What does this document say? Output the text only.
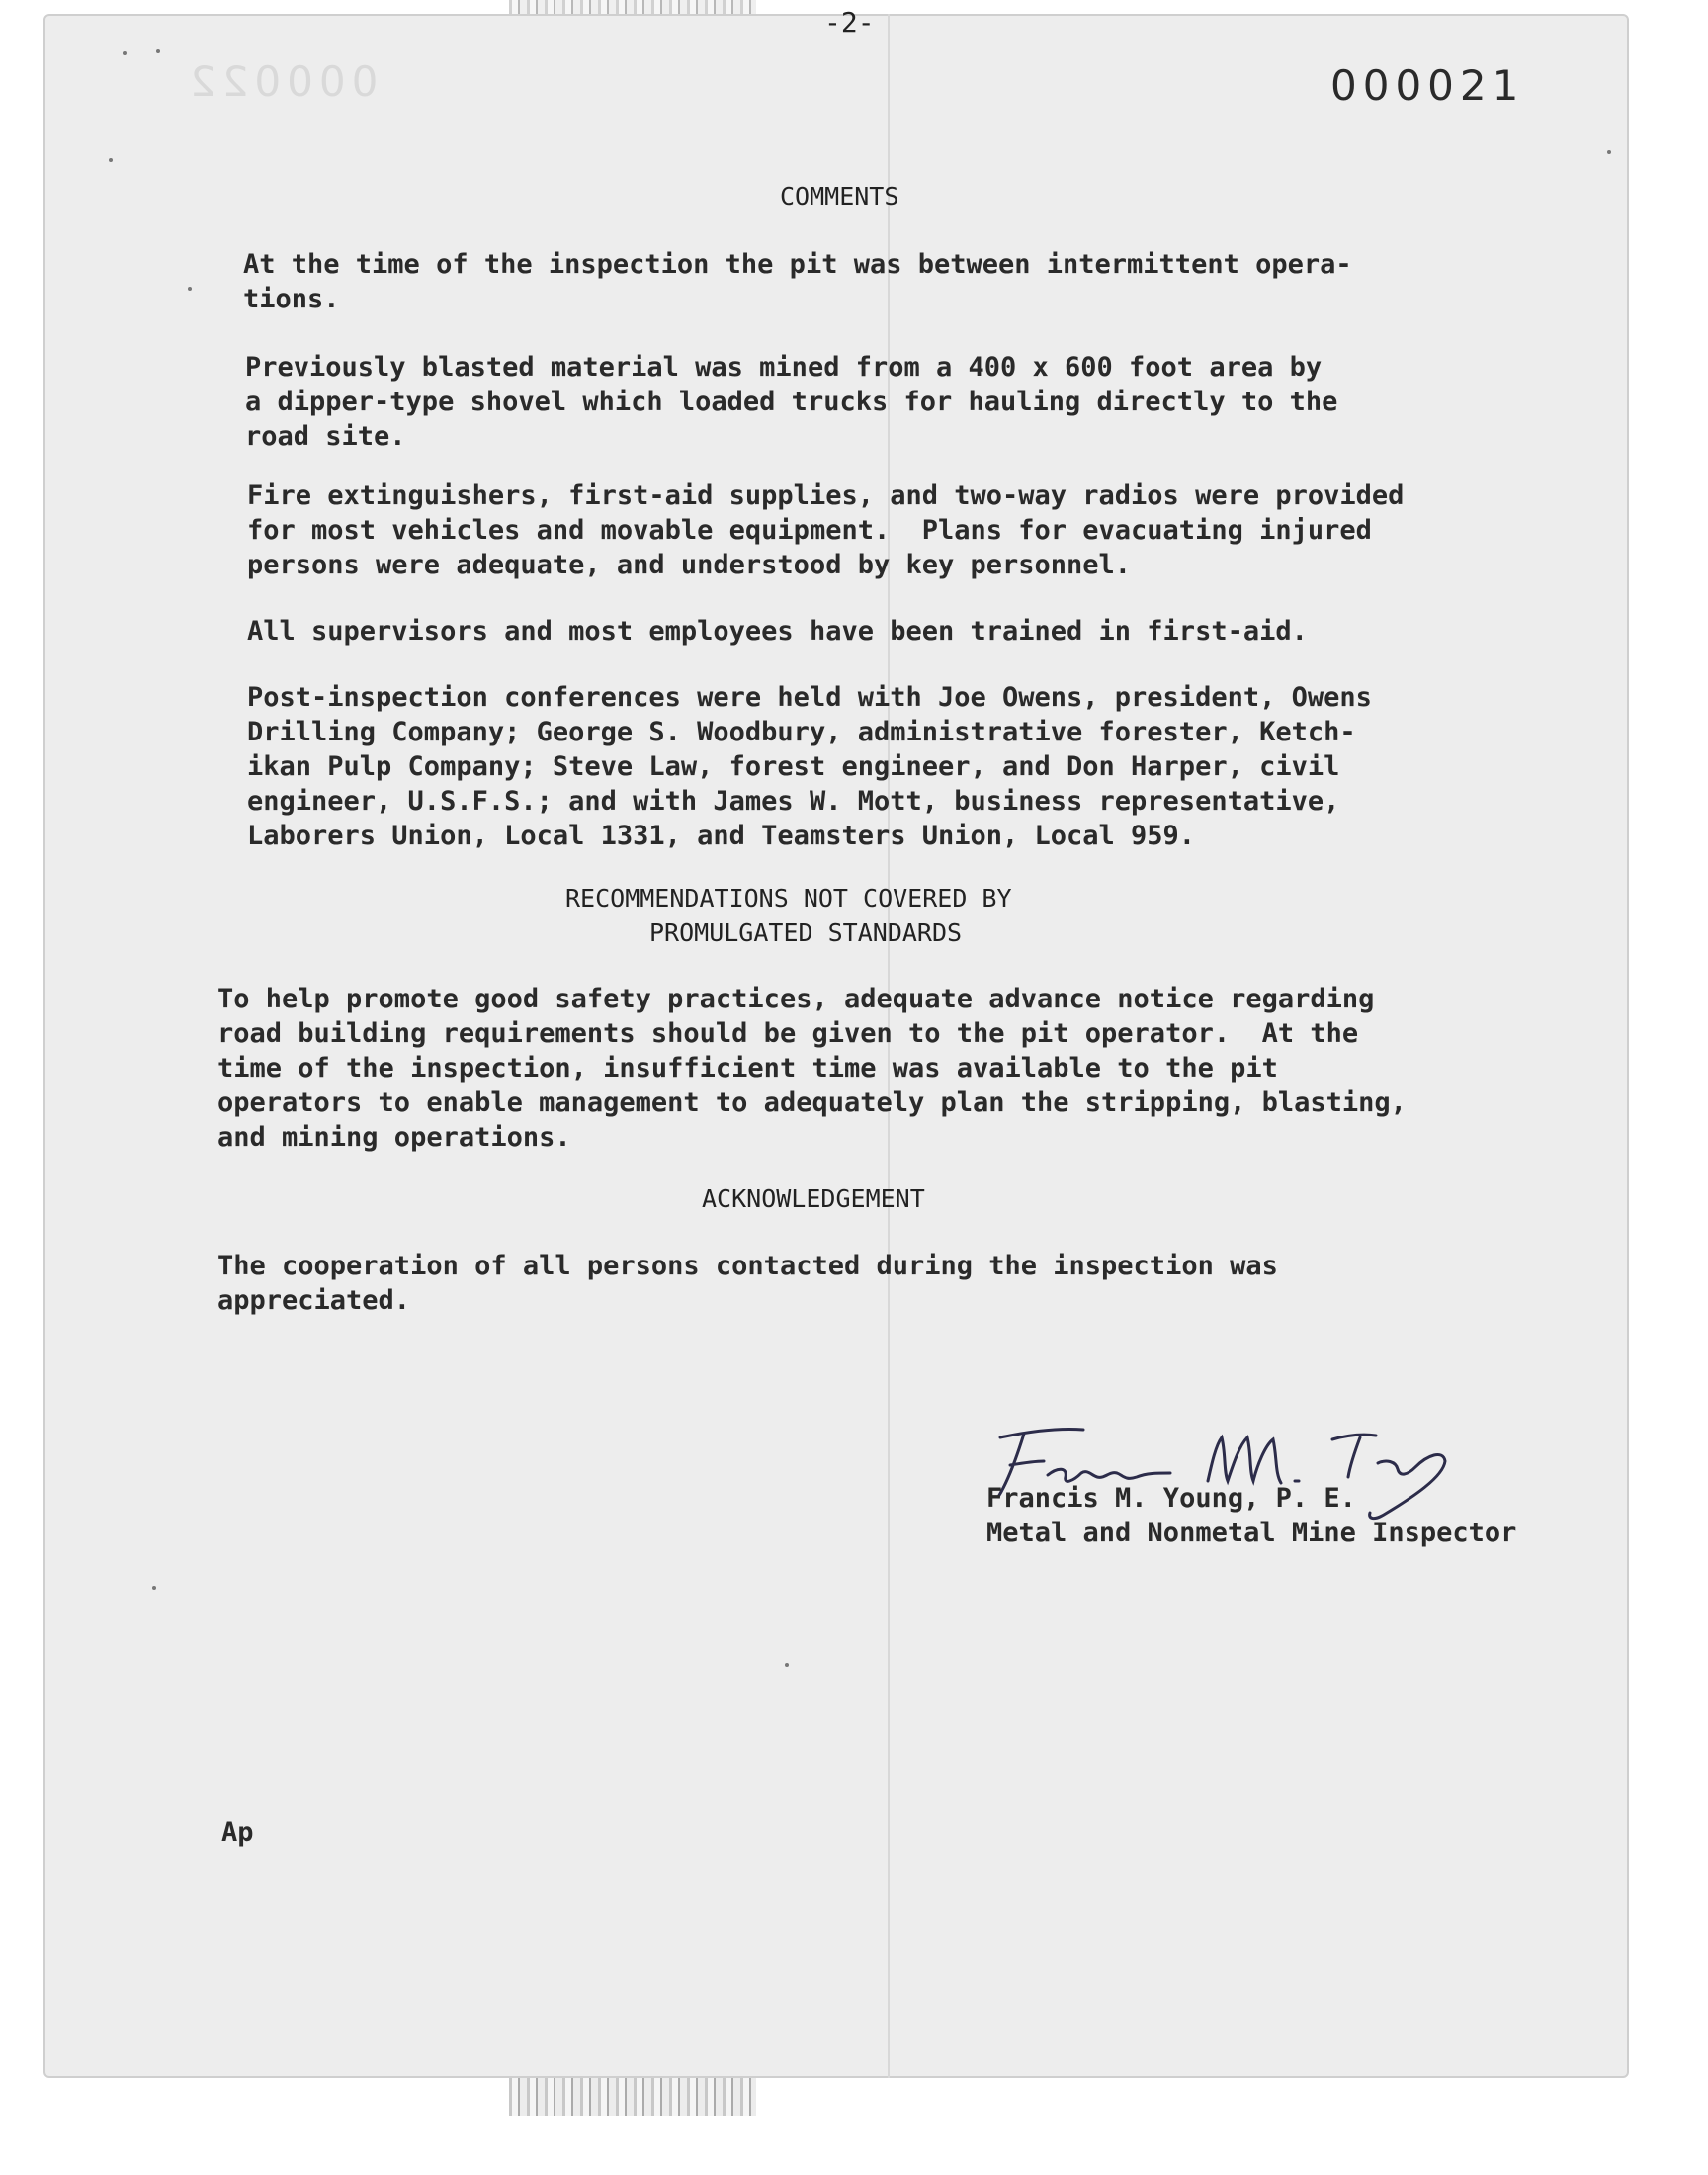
-2-
000021
000022
COMMENTS

At the time of the inspection the pit was between intermittent opera-
tions.

Previously blasted material was mined from a 400 x 600 foot area by
a dipper-type shovel which loaded trucks for hauling directly to the
road site.

Fire extinguishers, first-aid supplies, and two-way radios were provided
for most vehicles and movable equipment.  Plans for evacuating injured
persons were adequate, and understood by key personnel.

All supervisors and most employees have been trained in first-aid.

Post-inspection conferences were held with Joe Owens, president, Owens
Drilling Company; George S. Woodbury, administrative forester, Ketch-
ikan Pulp Company; Steve Law, forest engineer, and Don Harper, civil
engineer, U.S.F.S.; and with James W. Mott, business representative,
Laborers Union, Local 1331, and Teamsters Union, Local 959.

RECOMMENDATIONS NOT COVERED BY
PROMULGATED STANDARDS

To help promote good safety practices, adequate advance notice regarding
road building requirements should be given to the pit operator.  At the
time of the inspection, insufficient time was available to the pit
operators to enable management to adequately plan the stripping, blasting,
and mining operations.

ACKNOWLEDGEMENT

The cooperation of all persons contacted during the inspection was
appreciated.

Francis M. Young, P. E.
Metal and Nonmetal Mine Inspector
Ap
